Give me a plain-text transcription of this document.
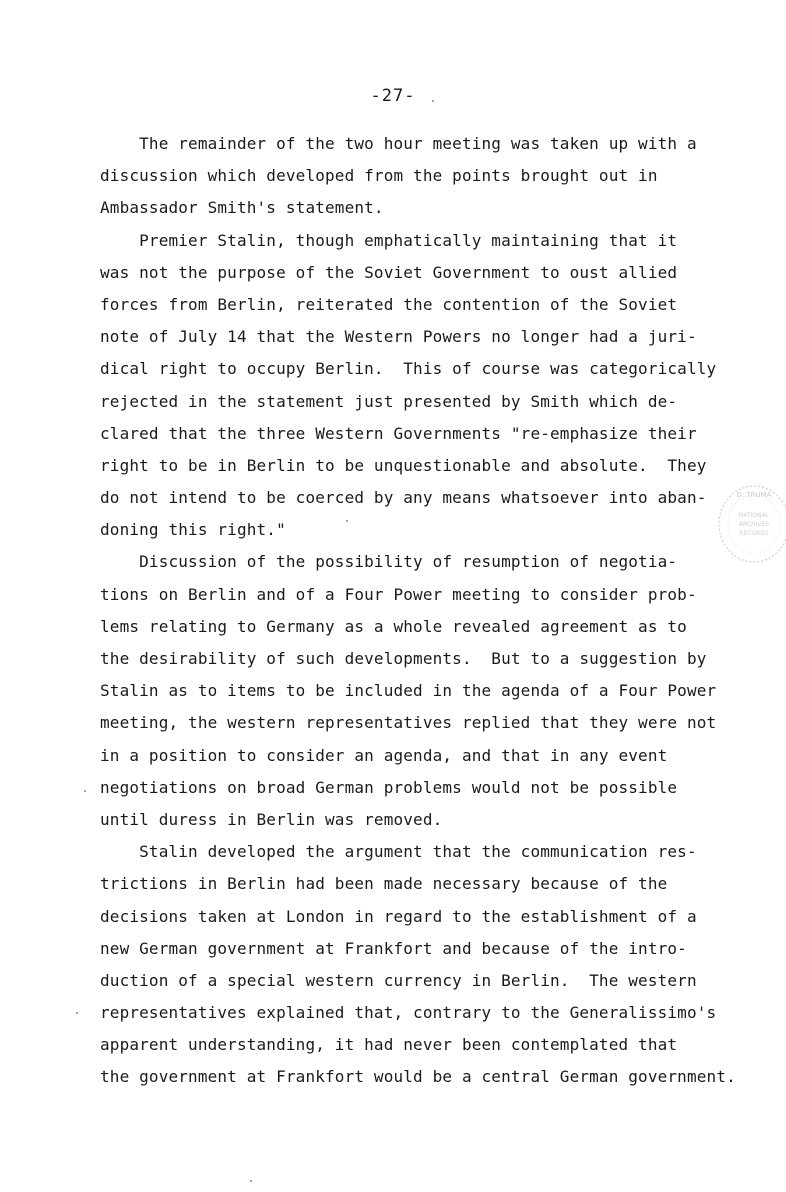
-27-
The remainder of the two hour meeting was taken up with a
discussion which developed from the points brought out in
Ambassador Smith's statement.
Premier Stalin, though emphatically maintaining that it
was not the purpose of the Soviet Government to oust allied
forces from Berlin, reiterated the contention of the Soviet
note of July 14 that the Western Powers no longer had a juri-
dical right to occupy Berlin.  This of course was categorically
rejected in the statement just presented by Smith which de-
clared that the three Western Governments "re-emphasize their
right to be in Berlin to be unquestionable and absolute.  They
do not intend to be coerced by any means whatsoever into aban-
doning this right."
Discussion of the possibility of resumption of negotia-
tions on Berlin and of a Four Power meeting to consider prob-
lems relating to Germany as a whole revealed agreement as to
the desirability of such developments.  But to a suggestion by
Stalin as to items to be included in the agenda of a Four Power
meeting, the western representatives replied that they were not
in a position to consider an agenda, and that in any event
negotiations on broad German problems would not be possible
until duress in Berlin was removed.
Stalin developed the argument that the communication res-
trictions in Berlin had been made necessary because of the
decisions taken at London in regard to the establishment of a
new German government at Frankfort and because of the intro-
duction of a special western currency in Berlin.  The western
representatives explained that, contrary to the Generalissimo's
apparent understanding, it had never been contemplated that
the government at Frankfort would be a central German government.
D. TRUMA
NATIONAL
ARCHIVES
RECORDS
